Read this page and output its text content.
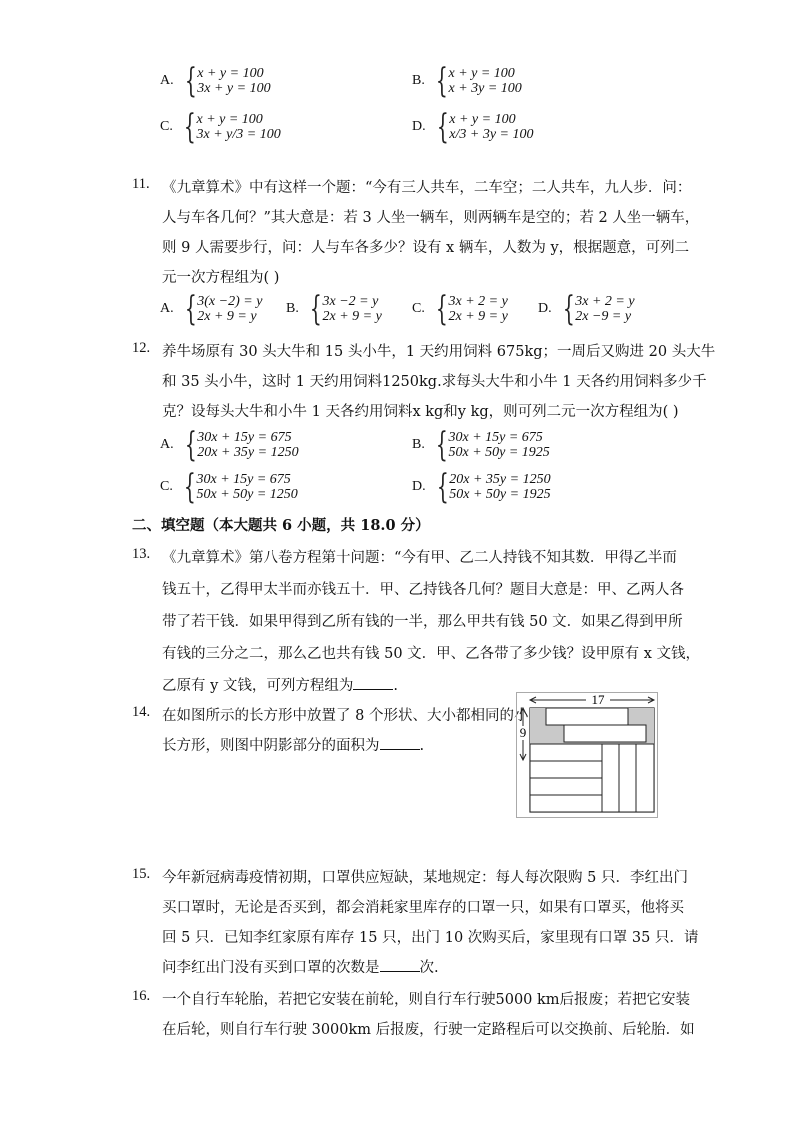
A. { x + y = 100
3x + y = 100
B. { x + y = 100
x + 3y = 100
C. { x + y = 100
3x + y/3 = 100
D. { x + y = 100
x/3 + 3y = 100
11. 《九章算术》中有这样一个题：“今有三人共车，二车空；二人共车，九人步．问：
人与车各几何？”其大意是：若 3 人坐一辆车，则两辆车是空的；若 2 人坐一辆车，
则 9 人需要步行，问：人与车各多少？设有 x 辆车，人数为 y，根据题意，可列二
元一次方程组为( )
A. { 3(x −2) = y
2x + 9 = y
B. { 3x −2 = y
2x + 9 = y
C. { 3x + 2 = y
2x + 9 = y
D. { 3x + 2 = y
2x −9 = y
12. 养牛场原有 30 头大牛和 15 头小牛，1 天约用饲料 675kg；一周后又购进 20 头大牛
和 35 头小牛，这时 1 天约用饲料1250kg.求每头大牛和小牛 1 天各约用饲料多少千
克？设每头大牛和小牛 1 天各约用饲料x kg和y kg，则可列二元一次方程组为( )
A. { 30x + 15y = 675
20x + 35y = 1250
B. { 30x + 15y = 675
50x + 50y = 1925
C. { 30x + 15y = 675
50x + 50y = 1250
D. { 20x + 35y = 1250
50x + 50y = 1925
二、填空题（本大题共 6 小题，共 18.0 分）
13. 《九章算术》第八卷方程第十问题：“今有甲、乙二人持钱不知其数．甲得乙半而
钱五十，乙得甲太半而亦钱五十．甲、乙持钱各几何？题目大意是：甲、乙两人各
带了若干钱．如果甲得到乙所有钱的一半，那么甲共有钱 50 文．如果乙得到甲所
有钱的三分之二，那么乙也共有钱 50 文．甲、乙各带了多少钱？设甲原有 x 文钱，
乙原有 y 文钱，可列方程组为	.
14. 在如图所示的长方形中放置了 8 个形状、大小都相同的小
长方形，则图中阴影部分的面积为	.
17
9
15. 今年新冠病毒疫情初期，口罩供应短缺，某地规定：每人每次限购 5 只．李红出门
买口罩时，无论是否买到，都会消耗家里库存的口罩一只，如果有口罩买，他将买
回 5 只．已知李红家原有库存 15 只，出门 10 次购买后，家里现有口罩 35 只．请
问李红出门没有买到口罩的次数是	次.
16. 一个自行车轮胎，若把它安装在前轮，则自行车行驶5000 km后报废；若把它安装
在后轮，则自行车行驶 3000km 后报废，行驶一定路程后可以交换前、后轮胎．如
